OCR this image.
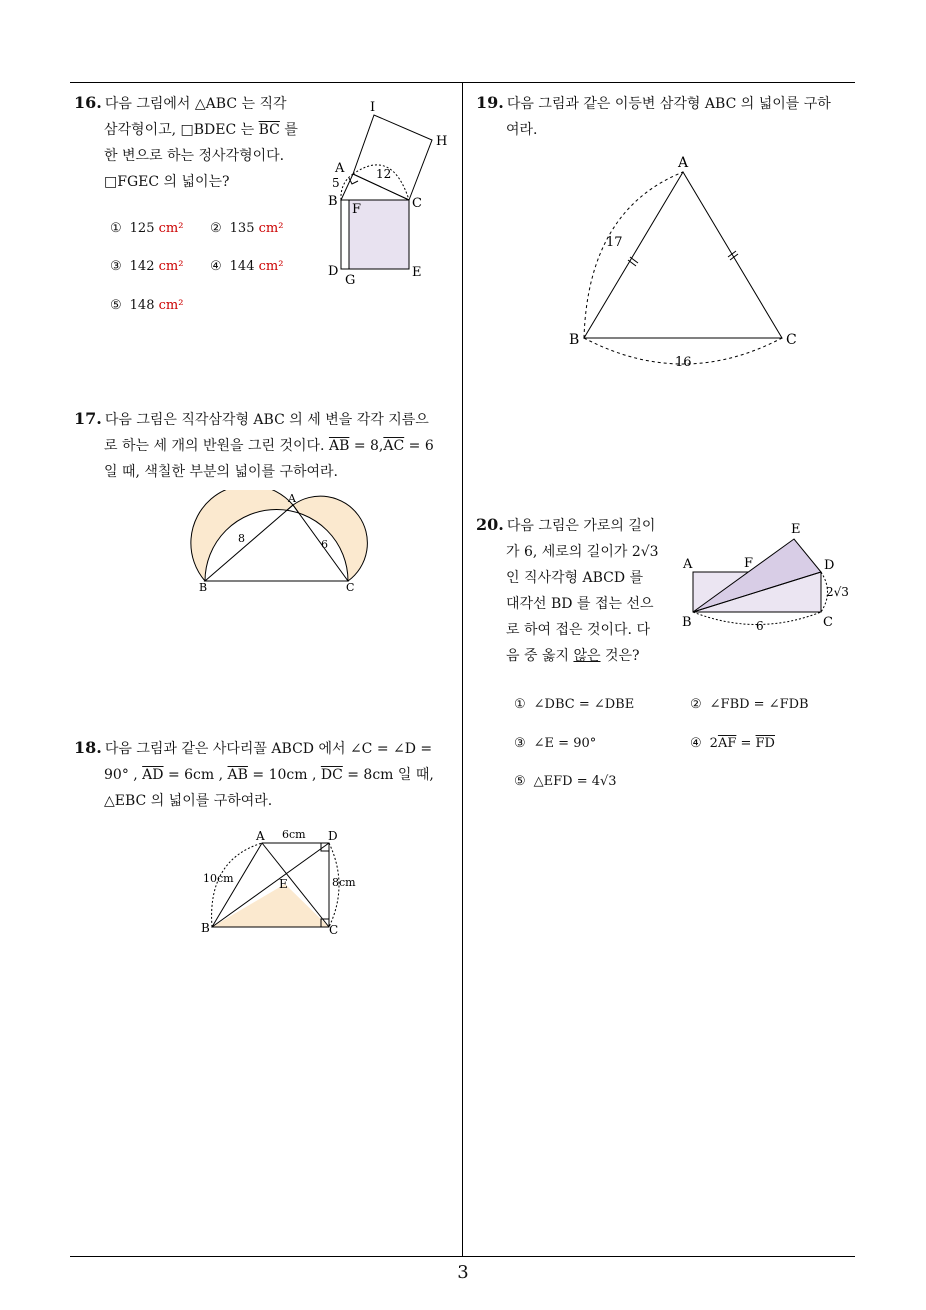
16. 다음 그림에서 △ABC 는 직각
삼각형이고, □BDEC 는 $\overline{BC}$ 를
한 변으로 하는 정사각형이다.
□FGEC 의 넓이는?
① 125 cm² ② 135 cm²
③ 142 cm² ④ 144 cm²
⑤ 148 cm²
I
H
A
5
12
B
F	C
D
G
E
17. 다음 그림은 직각삼각형 ABC 의 세 변을 각각 지름으
로 하는 세 개의 반원을 그린 것이다. $\overline{AB} = 8,\overline{AC} = 6$
일 때, 색칠한 부분의 넓이를 구하여라.
A
8	6
B	C
18. 다음 그림과 같은 사다리꼴 ABCD 에서 ∠C = ∠D =
90° , $\overline{AD} = 6cm$ , $\overline{AB} = 10cm$ , $\overline{DC} = 8cm$ 일 때,
△EBC 의 넓이를 구하여라.
A 6cm D
10cm	E	8cm
B	C
19. 다음 그림과 같은 이등변 삼각형 ABC 의 넓이를 구하
여라.
A
17
B	C
16
20. 다음 그림은 가로의 길이
가 6, 세로의 길이가 2√3
인 직사각형 ABCD 를
대각선 BD 를 접는 선으
로 하여 접은 것이다. 다
음 중 옳지 않은 것은?
E
A	F	D
2√3
B	6	C
① ∠DBC = ∠DBE	② ∠FBD = ∠FDB
③ ∠E = 90°	④ $2\overline{AF} = \overline{FD}$
⑤ △EFD = 4√3
3
